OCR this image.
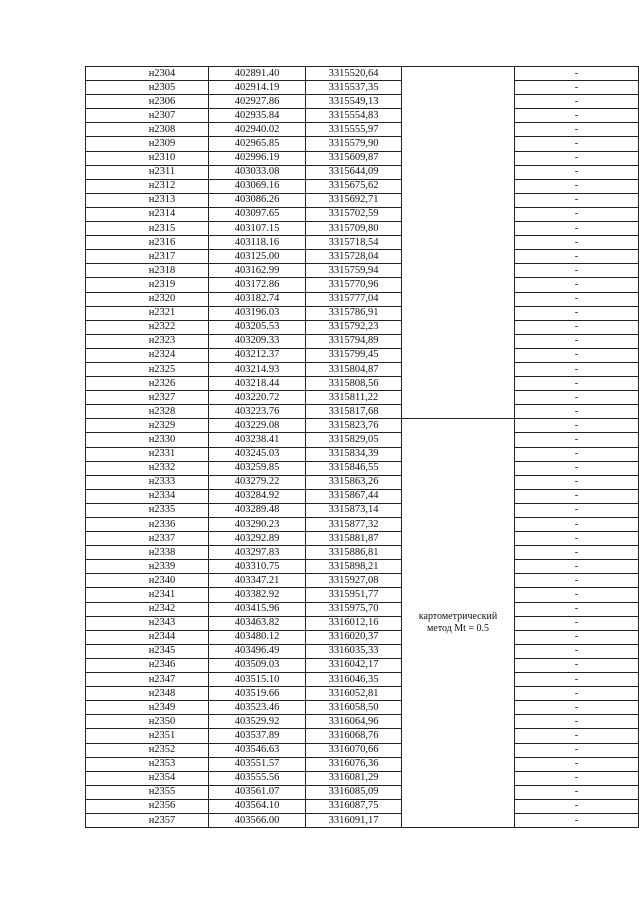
н2304	402891.40	3315520,64		-
н2305	402914.19	3315537,35		-
н2306	402927.86	3315549,13		-
н2307	402935.84	3315554,83		-
н2308	402940.02	3315555,97		-
н2309	402965.85	3315579,90		-
н2310	402996.19	3315609,87		-
н2311	403033.08	3315644,09		-
н2312	403069.16	3315675,62		-
н2313	403086.26	3315692,71		-
н2314	403097.65	3315702,59		-
н2315	403107.15	3315709,80		-
н2316	403118.16	3315718,54		-
н2317	403125.00	3315728,04		-
н2318	403162.99	3315759,94		-
н2319	403172.86	3315770,96		-
н2320	403182.74	3315777,04		-
н2321	403196.03	3315786,91		-
н2322	403205.53	3315792,23		-
н2323	403209.33	3315794,89		-
н2324	403212.37	3315799,45		-
н2325	403214.93	3315804,87		-
н2326	403218.44	3315808,56		-
н2327	403220.72	3315811,22		-
н2328	403223.76	3315817,68		-
н2329	403229.08	3315823,76	картометрический метод Mt = 0.5	-
н2330	403238.41	3315829,05		-
н2331	403245.03	3315834,39		-
н2332	403259.85	3315846,55		-
н2333	403279.22	3315863,26		-
н2334	403284.92	3315867,44		-
н2335	403289.48	3315873,14		-
н2336	403290.23	3315877,32		-
н2337	403292.89	3315881,87		-
н2338	403297.83	3315886,81		-
н2339	403310.75	3315898,21		-
н2340	403347.21	3315927,08		-
н2341	403382.92	3315951,77		-
н2342	403415.96	3315975,70		-
н2343	403463.82	3316012,16		-
н2344	403480.12	3316020,37		-
н2345	403496.49	3316035,33		-
н2346	403509.03	3316042,17		-
н2347	403515.10	3316046,35		-
н2348	403519.66	3316052,81		-
н2349	403523.46	3316058,50		-
н2350	403529.92	3316064,96		-
н2351	403537.89	3316068,76		-
н2352	403546.63	3316070,66		-
н2353	403551.57	3316076,36		-
н2354	403555.56	3316081,29		-
н2355	403561.07	3316085,09		-
н2356	403564.10	3316087,75		-
н2357	403566.00	3316091,17		-
